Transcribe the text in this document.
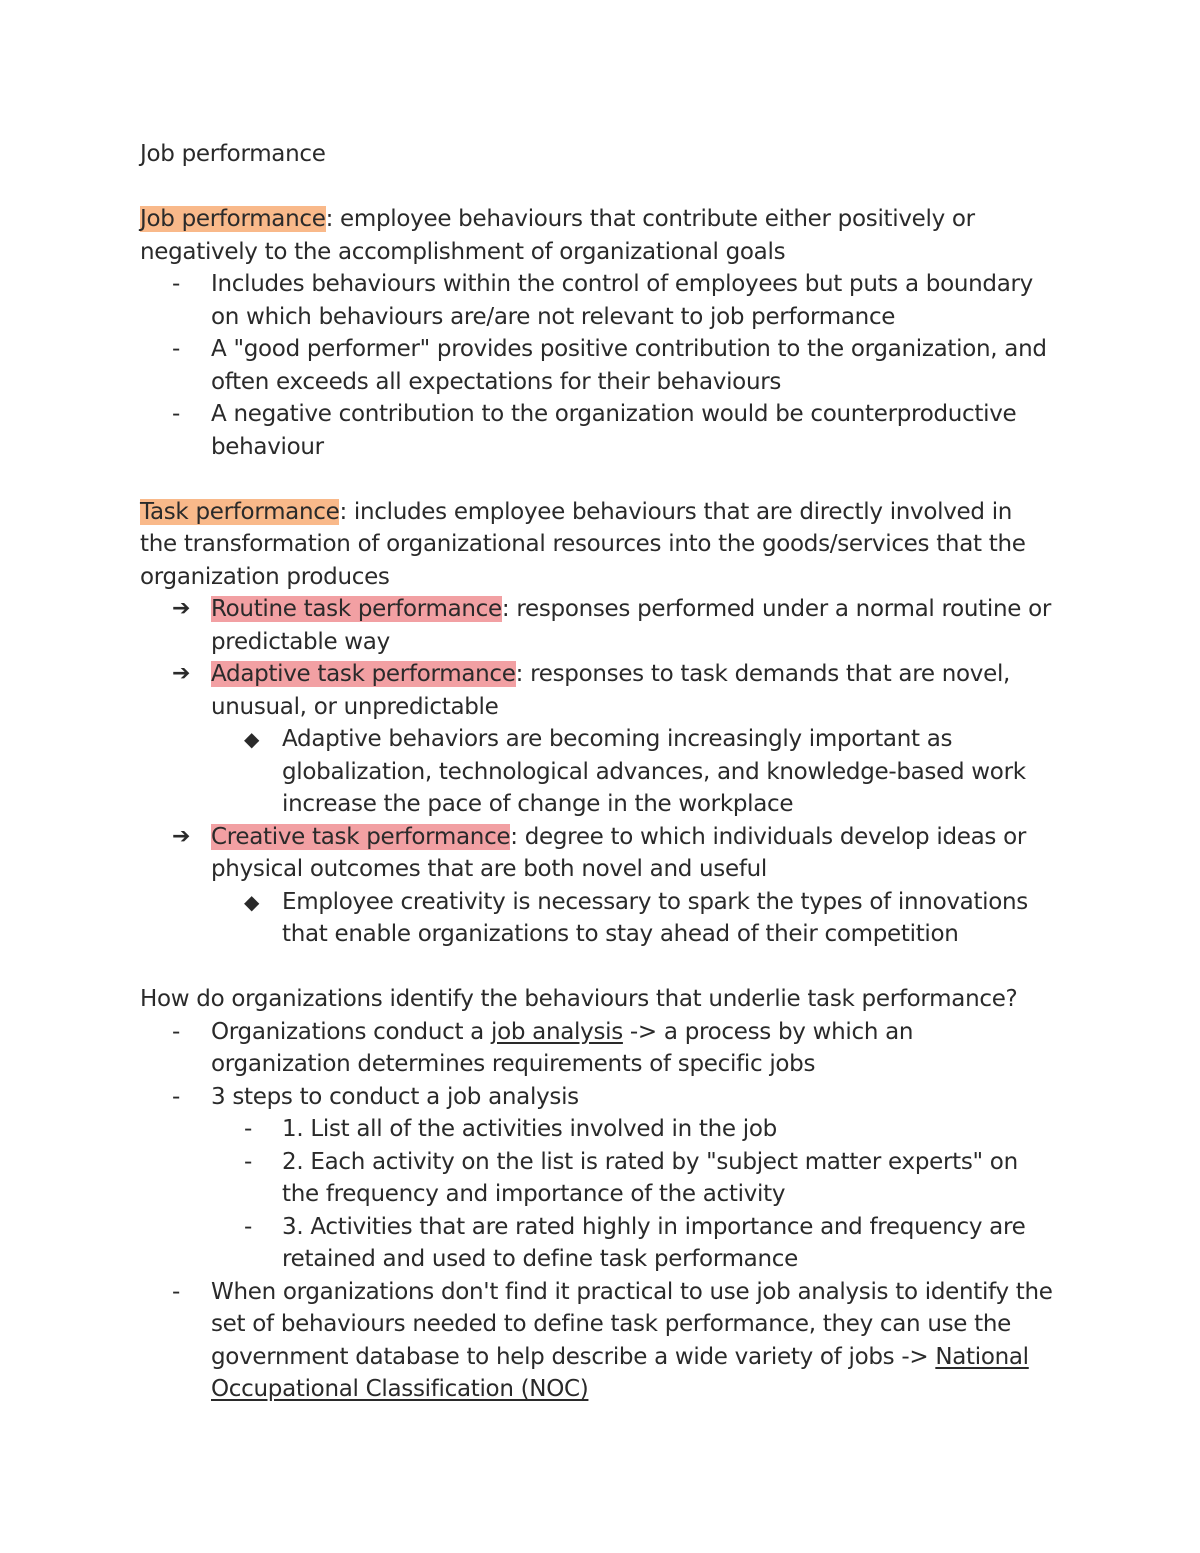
Job performance
Job performance: employee behaviours that contribute either positively or negatively to the accomplishment of organizational goals
-	Includes behaviours within the control of employees but puts a boundary on which behaviours are/are not relevant to job performance
-	A "good performer" provides positive contribution to the organization, and often exceeds all expectations for their behaviours
-	A negative contribution to the organization would be counterproductive behaviour
Task performance: includes employee behaviours that are directly involved in the transformation of organizational resources into the goods/services that the organization produces
➔ Routine task performance: responses performed under a normal routine or predictable way
➔ Adaptive task performance: responses to task demands that are novel, unusual, or unpredictable
◆ Adaptive behaviors are becoming increasingly important as globalization, technological advances, and knowledge-based work increase the pace of change in the workplace
➔ Creative task performance: degree to which individuals develop ideas or physical outcomes that are both novel and useful
◆ Employee creativity is necessary to spark the types of innovations that enable organizations to stay ahead of their competition
How do organizations identify the behaviours that underlie task performance?
-	Organizations conduct a job analysis -> a process by which an organization determines requirements of specific jobs
-	3 steps to conduct a job analysis
-	1. List all of the activities involved in the job
-	2. Each activity on the list is rated by "subject matter experts" on the frequency and importance of the activity
-	3. Activities that are rated highly in importance and frequency are retained and used to define task performance
-	When organizations don't find it practical to use job analysis to identify the set of behaviours needed to define task performance, they can use the government database to help describe a wide variety of jobs -> National Occupational Classification (NOC)
